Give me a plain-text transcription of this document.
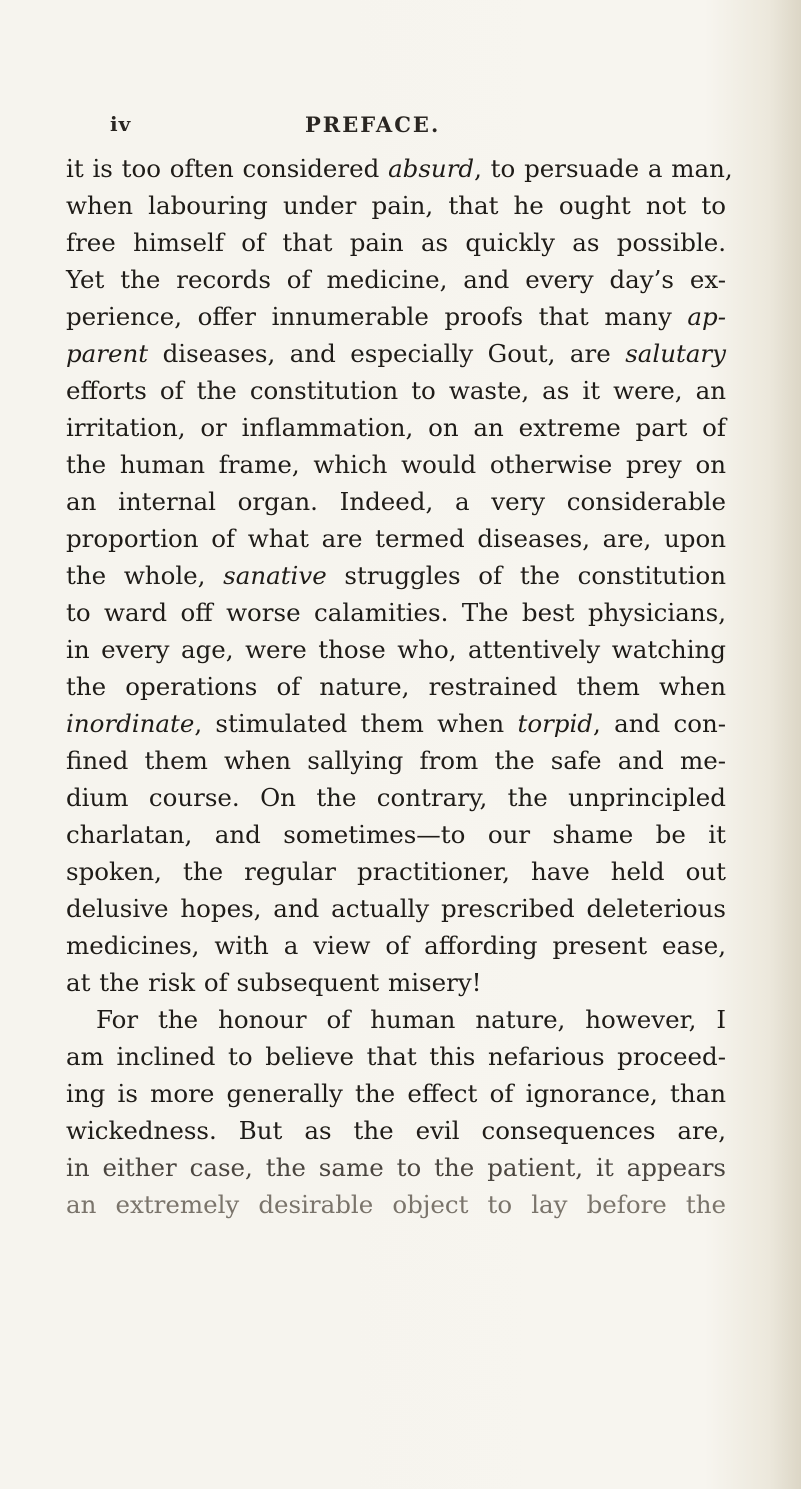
iv	PREFACE.
it is too often considered absurd, to persuade a man,
when labouring under pain, that he ought not to
free himself of that pain as quickly as possible.
Yet the records of medicine, and every day’s ex-
perience, offer innumerable proofs that many ap-
parent diseases, and especially Gout, are salutary
efforts of the constitution to waste, as it were, an
irritation, or inflammation, on an extreme part of
the human frame, which would otherwise prey on
an internal organ. Indeed, a very considerable
proportion of what are termed diseases, are, upon
the whole, sanative struggles of the constitution
to ward off worse calamities. The best physicians,
in every age, were those who, attentively watching
the operations of nature, restrained them when
inordinate, stimulated them when torpid, and con-
fined them when sallying from the safe and me-
dium course. On the contrary, the unprincipled
charlatan, and sometimes—to our shame be it
spoken, the regular practitioner, have held out
delusive hopes, and actually prescribed deleterious
medicines, with a view of affording present ease,
at the risk of subsequent misery!
For the honour of human nature, however, I
am inclined to believe that this nefarious proceed-
ing is more generally the effect of ignorance, than
wickedness. But as the evil consequences are,
in either case, the same to the patient, it appears
an extremely desirable object to lay before the
